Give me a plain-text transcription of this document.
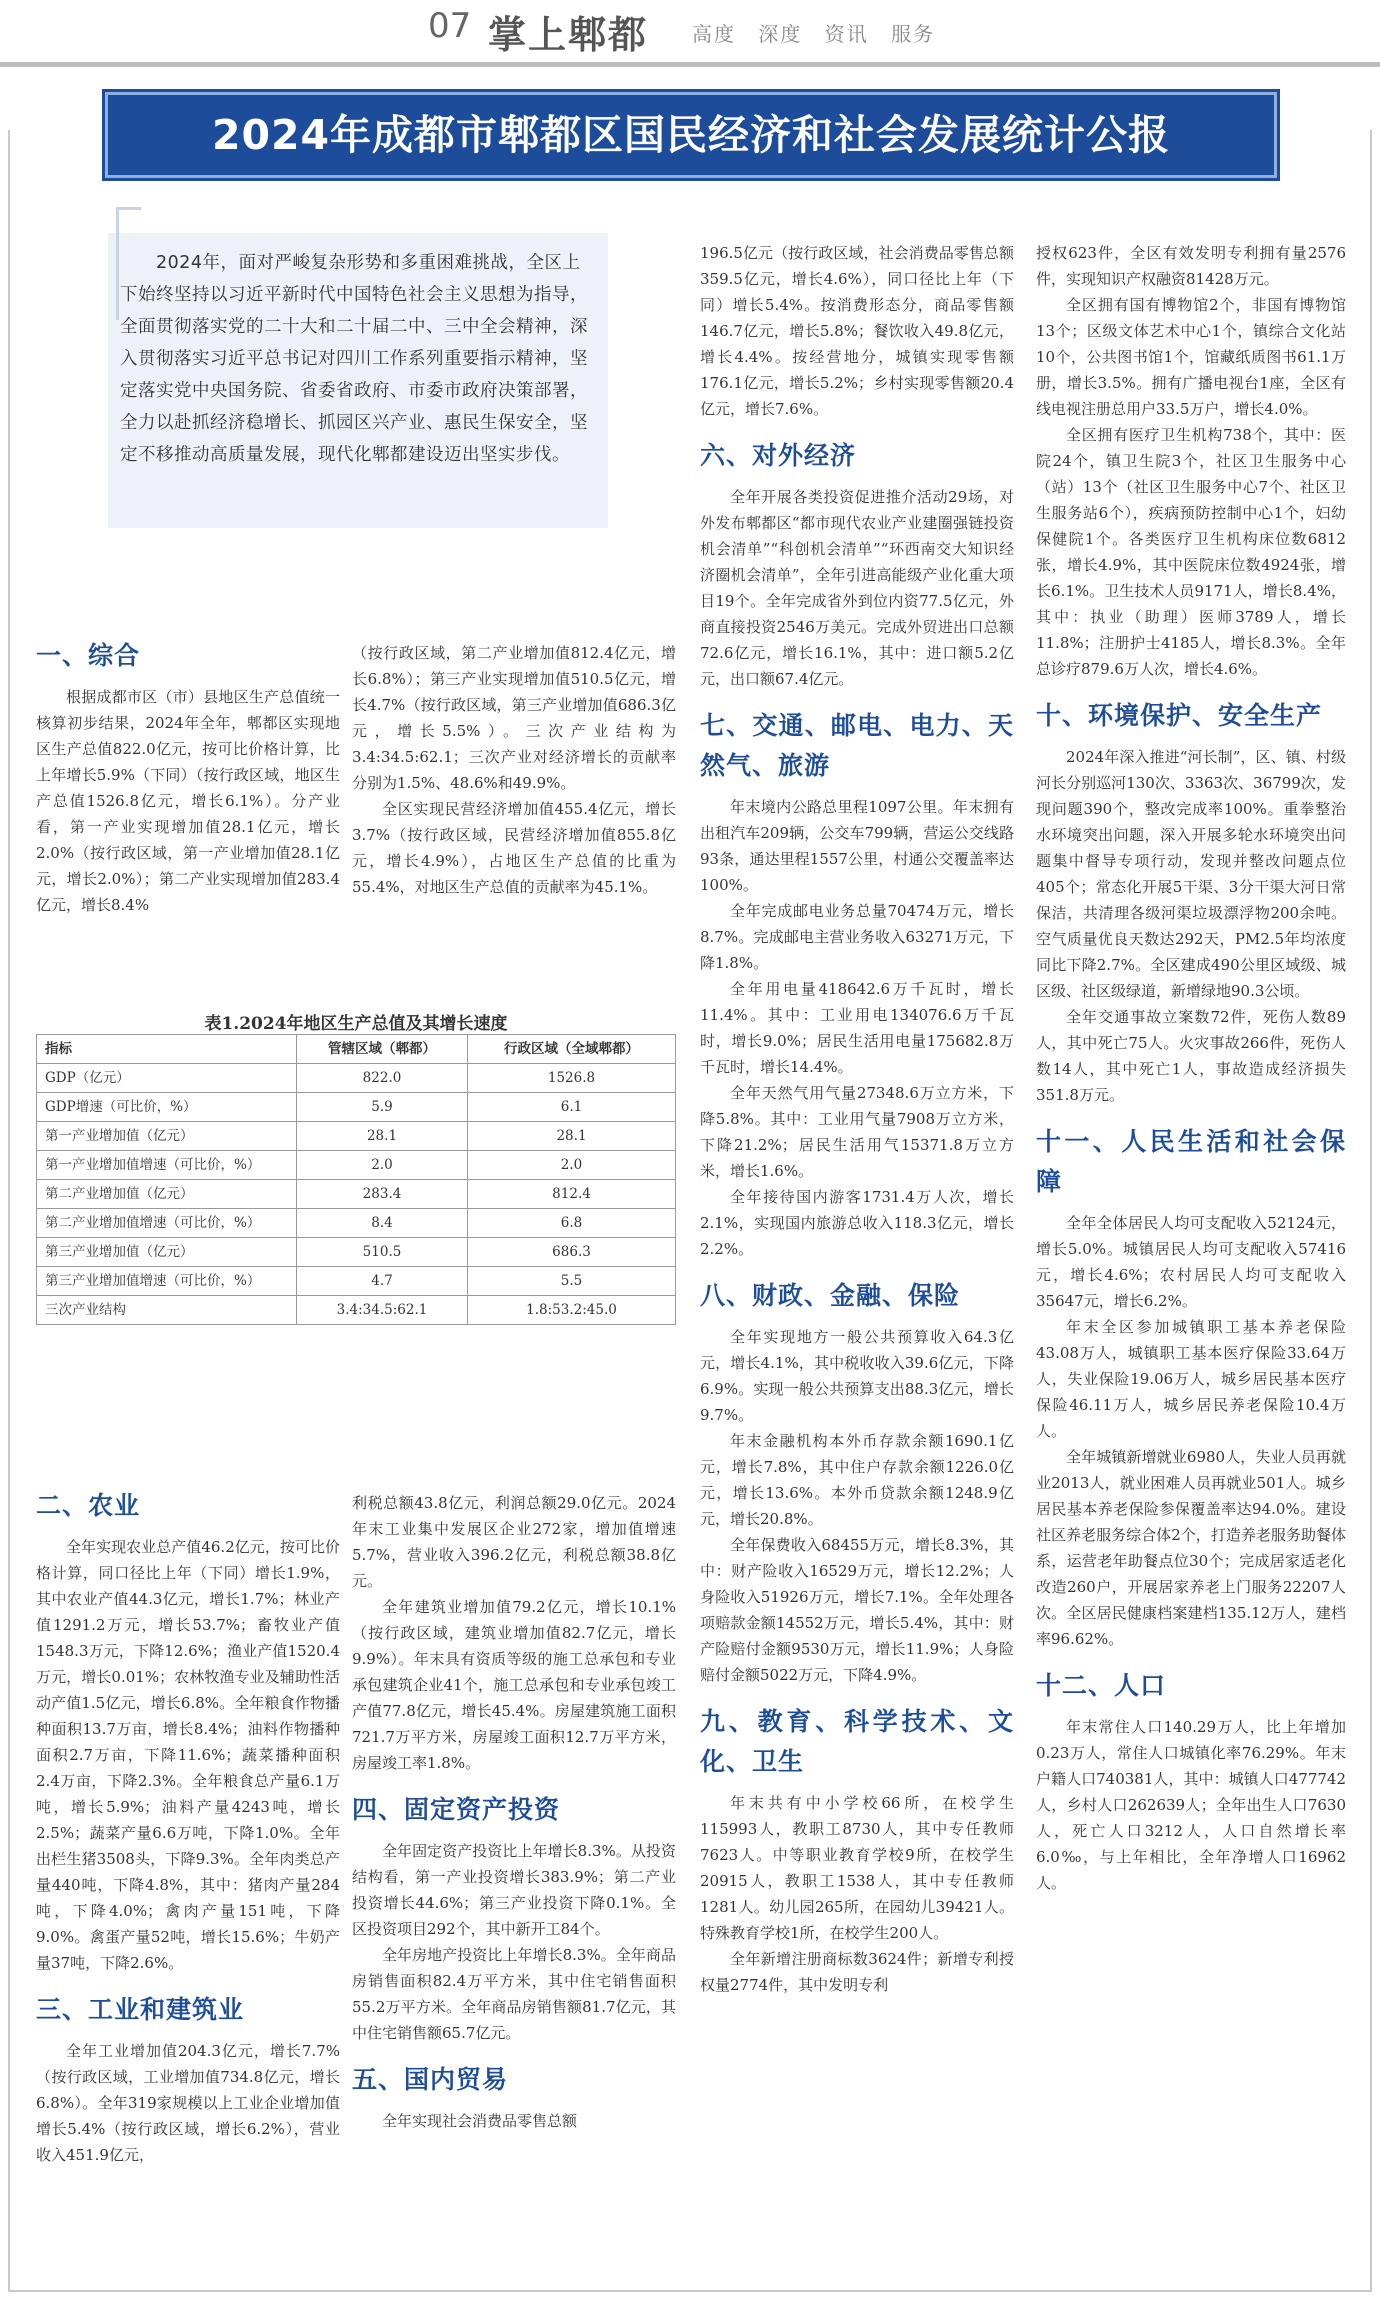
07 掌上郫都 高度 深度 资讯 服务
2024年成都市郫都区国民经济和社会发展统计公报
2024年，面对严峻复杂形势和多重困难挑战，全区上下始终坚持以习近平新时代中国特色社会主义思想为指导，全面贯彻落实党的二十大和二十届二中、三中全会精神，深入贯彻落实习近平总书记对四川工作系列重要指示精神，坚定落实党中央国务院、省委省政府、市委市政府决策部署，全力以赴抓经济稳增长、抓园区兴产业、惠民生保安全，坚定不移推动高质量发展，现代化郫都建设迈出坚实步伐。
一、综合

根据成都市区（市）县地区生产总值统一核算初步结果，2024年全年，郫都区实现地区生产总值822.0亿元，按可比价格计算，比上年增长5.9%（下同）（按行政区域，地区生产总值1526.8亿元，增长6.1%）。分产业看，第一产业实现增加值28.1亿元，增长2.0%（按行政区域，第一产业增加值28.1亿元，增长2.0%）；第二产业实现增加值283.4亿元，增长8.4%

（按行政区域，第二产业增加值812.4亿元，增长6.8%）；第三产业实现增加值510.5亿元，增长4.7%（按行政区域，第三产业增加值686.3亿元，增长5.5%）。三次产业结构为3.4:34.5:62.1；三次产业对经济增长的贡献率分别为1.5%、48.6%和49.9%。

全区实现民营经济增加值455.4亿元，增长3.7%（按行政区域，民营经济增加值855.8亿元，增长4.9%），占地区生产总值的比重为55.4%，对地区生产总值的贡献率为45.1%。

表1.2024年地区生产总值及其增长速度
指标	管辖区域（郫都）	行政区域（全域郫都）
GDP（亿元）	822.0	1526.8
GDP增速（可比价，%）	5.9	6.1
第一产业增加值（亿元）	28.1	28.1
第一产业增加值增速（可比价，%）	2.0	2.0
第二产业增加值（亿元）	283.4	812.4
第二产业增加值增速（可比价，%）	8.4	6.8
第三产业增加值（亿元）	510.5	686.3
第三产业增加值增速（可比价，%）	4.7	5.5
三次产业结构	3.4:34.5:62.1	1.8:53.2:45.0
二、农业

全年实现农业总产值46.2亿元，按可比价格计算，同口径比上年（下同）增长1.9%，其中农业产值44.3亿元，增长1.7%；林业产值1291.2万元，增长53.7%；畜牧业产值1548.3万元，下降12.6%；渔业产值1520.4万元，增长0.01%；农林牧渔专业及辅助性活动产值1.5亿元，增长6.8%。全年粮食作物播种面积13.7万亩，增长8.4%；油料作物播种面积2.7万亩，下降11.6%；蔬菜播种面积2.4万亩，下降2.3%。全年粮食总产量6.1万吨，增长5.9%；油料产量4243吨，增长2.5%；蔬菜产量6.6万吨，下降1.0%。全年出栏生猪3508头，下降9.3%。全年肉类总产量440吨，下降4.8%，其中：猪肉产量284吨，下降4.0%；禽肉产量151吨，下降9.0%。禽蛋产量52吨，增长15.6%；牛奶产量37吨，下降2.6%。

三、工业和建筑业

全年工业增加值204.3亿元，增长7.7%（按行政区域，工业增加值734.8亿元，增长6.8%）。全年319家规模以上工业企业增加值增长5.4%（按行政区域，增长6.2%），营业收入451.9亿元，

利税总额43.8亿元，利润总额29.0亿元。2024年末工业集中发展区企业272家，增加值增速5.7%，营业收入396.2亿元，利税总额38.8亿元。

全年建筑业增加值79.2亿元，增长10.1%（按行政区域，建筑业增加值82.7亿元，增长9.9%）。年末具有资质等级的施工总承包和专业承包建筑企业41个，施工总承包和专业承包竣工产值77.8亿元，增长45.4%。房屋建筑施工面积721.7万平方米，房屋竣工面积12.7万平方米，房屋竣工率1.8%。

四、固定资产投资

全年固定资产投资比上年增长8.3%。从投资结构看，第一产业投资增长383.9%；第二产业投资增长44.6%；第三产业投资下降0.1%。全区投资项目292个，其中新开工84个。

全年房地产投资比上年增长8.3%。全年商品房销售面积82.4万平方米，其中住宅销售面积55.2万平方米。全年商品房销售额81.7亿元，其中住宅销售额65.7亿元。

五、国内贸易

全年实现社会消费品零售总额

196.5亿元（按行政区域，社会消费品零售总额359.5亿元，增长4.6%），同口径比上年（下同）增长5.4%。按消费形态分，商品零售额146.7亿元，增长5.8%；餐饮收入49.8亿元，增长4.4%。按经营地分，城镇实现零售额176.1亿元，增长5.2%；乡村实现零售额20.4亿元，增长7.6%。

六、对外经济

全年开展各类投资促进推介活动29场，对外发布郫都区“都市现代农业产业建圈强链投资机会清单”“科创机会清单”“环西南交大知识经济圈机会清单”，全年引进高能级产业化重大项目19个。全年完成省外到位内资77.5亿元，外商直接投资2546万美元。完成外贸进出口总额72.6亿元，增长16.1%，其中：进口额5.2亿元，出口额67.4亿元。

七、交通、邮电、电力、天然气、旅游

年末境内公路总里程1097公里。年末拥有出租汽车209辆，公交车799辆，营运公交线路93条，通达里程1557公里，村通公交覆盖率达100%。

全年完成邮电业务总量70474万元，增长8.7%。完成邮电主营业务收入63271万元，下降1.8%。

全年用电量418642.6万千瓦时，增长11.4%。其中：工业用电134076.6万千瓦时，增长9.0%；居民生活用电量175682.8万千瓦时，增长14.4%。

全年天然气用气量27348.6万立方米，下降5.8%。其中：工业用气量7908万立方米，下降21.2%；居民生活用气15371.8万立方米，增长1.6%。

全年接待国内游客1731.4万人次，增长2.1%，实现国内旅游总收入118.3亿元，增长2.2%。

八、财政、金融、保险

全年实现地方一般公共预算收入64.3亿元，增长4.1%，其中税收收入39.6亿元，下降6.9%。实现一般公共预算支出88.3亿元，增长9.7%。

年末金融机构本外币存款余额1690.1亿元，增长7.8%，其中住户存款余额1226.0亿元，增长13.6%。本外币贷款余额1248.9亿元，增长20.8%。

全年保费收入68455万元，增长8.3%，其中：财产险收入16529万元，增长12.2%；人身险收入51926万元，增长7.1%。全年处理各项赔款金额14552万元，增长5.4%，其中：财产险赔付金额9530万元，增长11.9%；人身险赔付金额5022万元，下降4.9%。

九、教育、科学技术、文化、卫生

年末共有中小学校66所，在校学生115993人，教职工8730人，其中专任教师7623人。中等职业教育学校9所，在校学生20915人，教职工1538人，其中专任教师1281人。幼儿园265所，在园幼儿39421人。特殊教育学校1所，在校学生200人。

全年新增注册商标数3624件；新增专利授权量2774件，其中发明专利

授权623件，全区有效发明专利拥有量2576件，实现知识产权融资81428万元。

全区拥有国有博物馆2个，非国有博物馆13个；区级文体艺术中心1个，镇综合文化站10个，公共图书馆1个，馆藏纸质图书61.1万册，增长3.5%。拥有广播电视台1座，全区有线电视注册总用户33.5万户，增长4.0%。

全区拥有医疗卫生机构738个，其中：医院24个，镇卫生院3个，社区卫生服务中心（站）13个（社区卫生服务中心7个、社区卫生服务站6个），疾病预防控制中心1个，妇幼保健院1个。各类医疗卫生机构床位数6812张，增长4.9%，其中医院床位数4924张，增长6.1%。卫生技术人员9171人，增长8.4%，其中：执业（助理）医师3789人，增长11.8%；注册护士4185人，增长8.3%。全年总诊疗879.6万人次，增长4.6%。

十、环境保护、安全生产

2024年深入推进“河长制”，区、镇、村级河长分别巡河130次、3363次、36799次，发现问题390个，整改完成率100%。重拳整治水环境突出问题，深入开展多轮水环境突出问题集中督导专项行动，发现并整改问题点位405个；常态化开展5干渠、3分干渠大河日常保洁，共清理各级河渠垃圾漂浮物200余吨。空气质量优良天数达292天，PM2.5年均浓度同比下降2.7%。全区建成490公里区域级、城区级、社区级绿道，新增绿地90.3公顷。

全年交通事故立案数72件，死伤人数89人，其中死亡75人。火灾事故266件，死伤人数14人，其中死亡1人，事故造成经济损失351.8万元。

十一、人民生活和社会保障

全年全体居民人均可支配收入52124元，增长5.0%。城镇居民人均可支配收入57416元，增长4.6%；农村居民人均可支配收入35647元，增长6.2%。

年末全区参加城镇职工基本养老保险43.08万人，城镇职工基本医疗保险33.64万人，失业保险19.06万人，城乡居民基本医疗保险46.11万人，城乡居民养老保险10.4万人。

全年城镇新增就业6980人，失业人员再就业2013人，就业困难人员再就业501人。城乡居民基本养老保险参保覆盖率达94.0%。建设社区养老服务综合体2个，打造养老服务助餐体系，运营老年助餐点位30个；完成居家适老化改造260户，开展居家养老上门服务22207人次。全区居民健康档案建档135.12万人，建档率96.62%。

十二、人口

年末常住人口140.29万人，比上年增加0.23万人，常住人口城镇化率76.29%。年末户籍人口740381人，其中：城镇人口477742人，乡村人口262639人；全年出生人口7630人，死亡人口3212人，人口自然增长率6.0‰，与上年相比，全年净增人口16962人。
